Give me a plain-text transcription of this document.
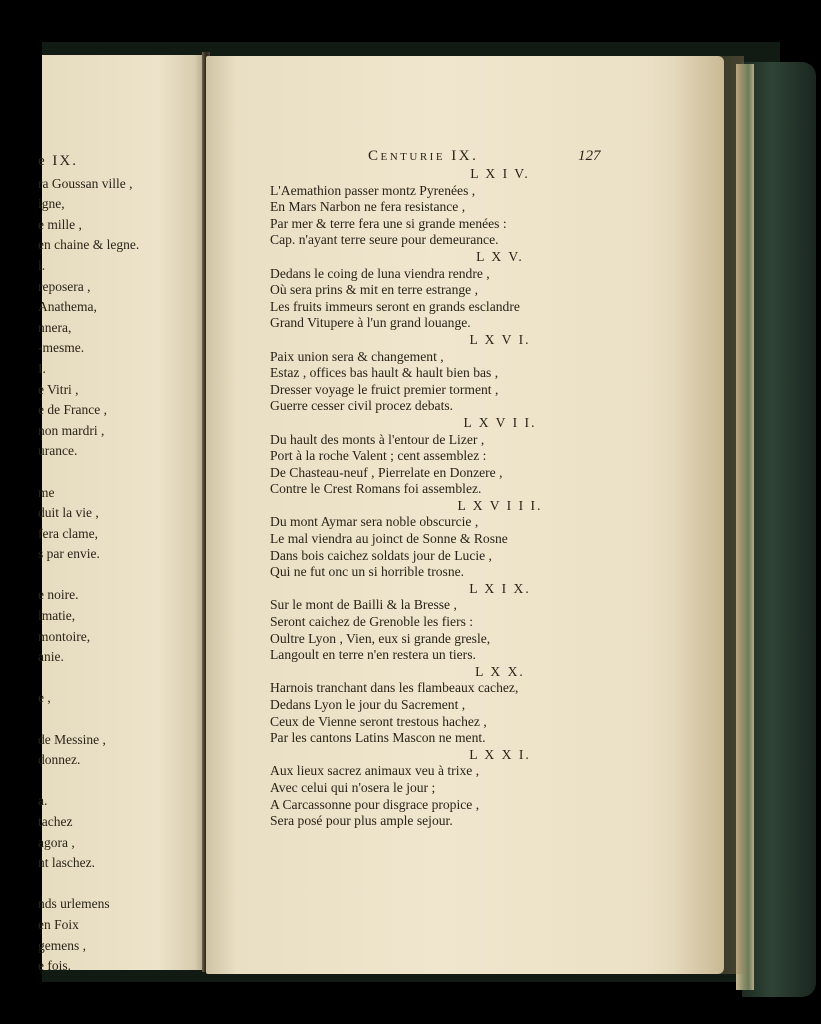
e IX.
ra Goussan ville ,
igne,
e mille ,
en chaine & legne.
l.
reposera ,
Anathema,
nnera,
-mesme.
I.
e Vitri ,
e de France ,
non mardri ,
urance.
me
duit la vie ,
fera clame,
s par envie.
e noire.
lmatie,
montoire,
anie.
e ,
de Messine ,
donnez.
a.
tachez
agora ,
nt laschez.
nds urlemens
en Foix
gemens ,
e fois.
Centurie IX.	127
L X I V.
L'Aemathion passer montz Pyrenées ,
En Mars Narbon ne fera resistance ,
Par mer & terre fera une si grande menées :
Cap. n'ayant terre seure pour demeurance.
L X V.
Dedans le coing de luna viendra rendre ,
Où sera prins & mit en terre estrange ,
Les fruits immeurs seront en grands esclandre
Grand Vitupere à l'un grand louange.
L X V I.
Paix union sera & changement ,
Estaz , offices bas hault & hault bien bas ,
Dresser voyage le fruict premier torment ,
Guerre cesser civil procez debats.
L X V I I.
Du hault des monts à l'entour de Lizer ,
Port à la roche Valent ; cent assemblez :
De Chasteau-neuf , Pierrelate en Donzere ,
Contre le Crest Romans foi assemblez.
L X V I I I.
Du mont Aymar sera noble obscurcie ,
Le mal viendra au joinct de Sonne & Rosne
Dans bois caichez soldats jour de Lucie ,
Qui ne fut onc un si horrible trosne.
L X I X.
Sur le mont de Bailli & la Bresse ,
Seront caichez de Grenoble les fiers :
Oultre Lyon , Vien, eux si grande gresle,
Langoult en terre n'en restera un tiers.
L X X.
Harnois tranchant dans les flambeaux cachez,
Dedans Lyon le jour du Sacrement ,
Ceux de Vienne seront trestous hachez ,
Par les cantons Latins Mascon ne ment.
L X X I.
Aux lieux sacrez animaux veu à trixe ,
Avec celui qui n'osera le jour ;
A Carcassonne pour disgrace propice ,
Sera posé pour plus ample sejour.
